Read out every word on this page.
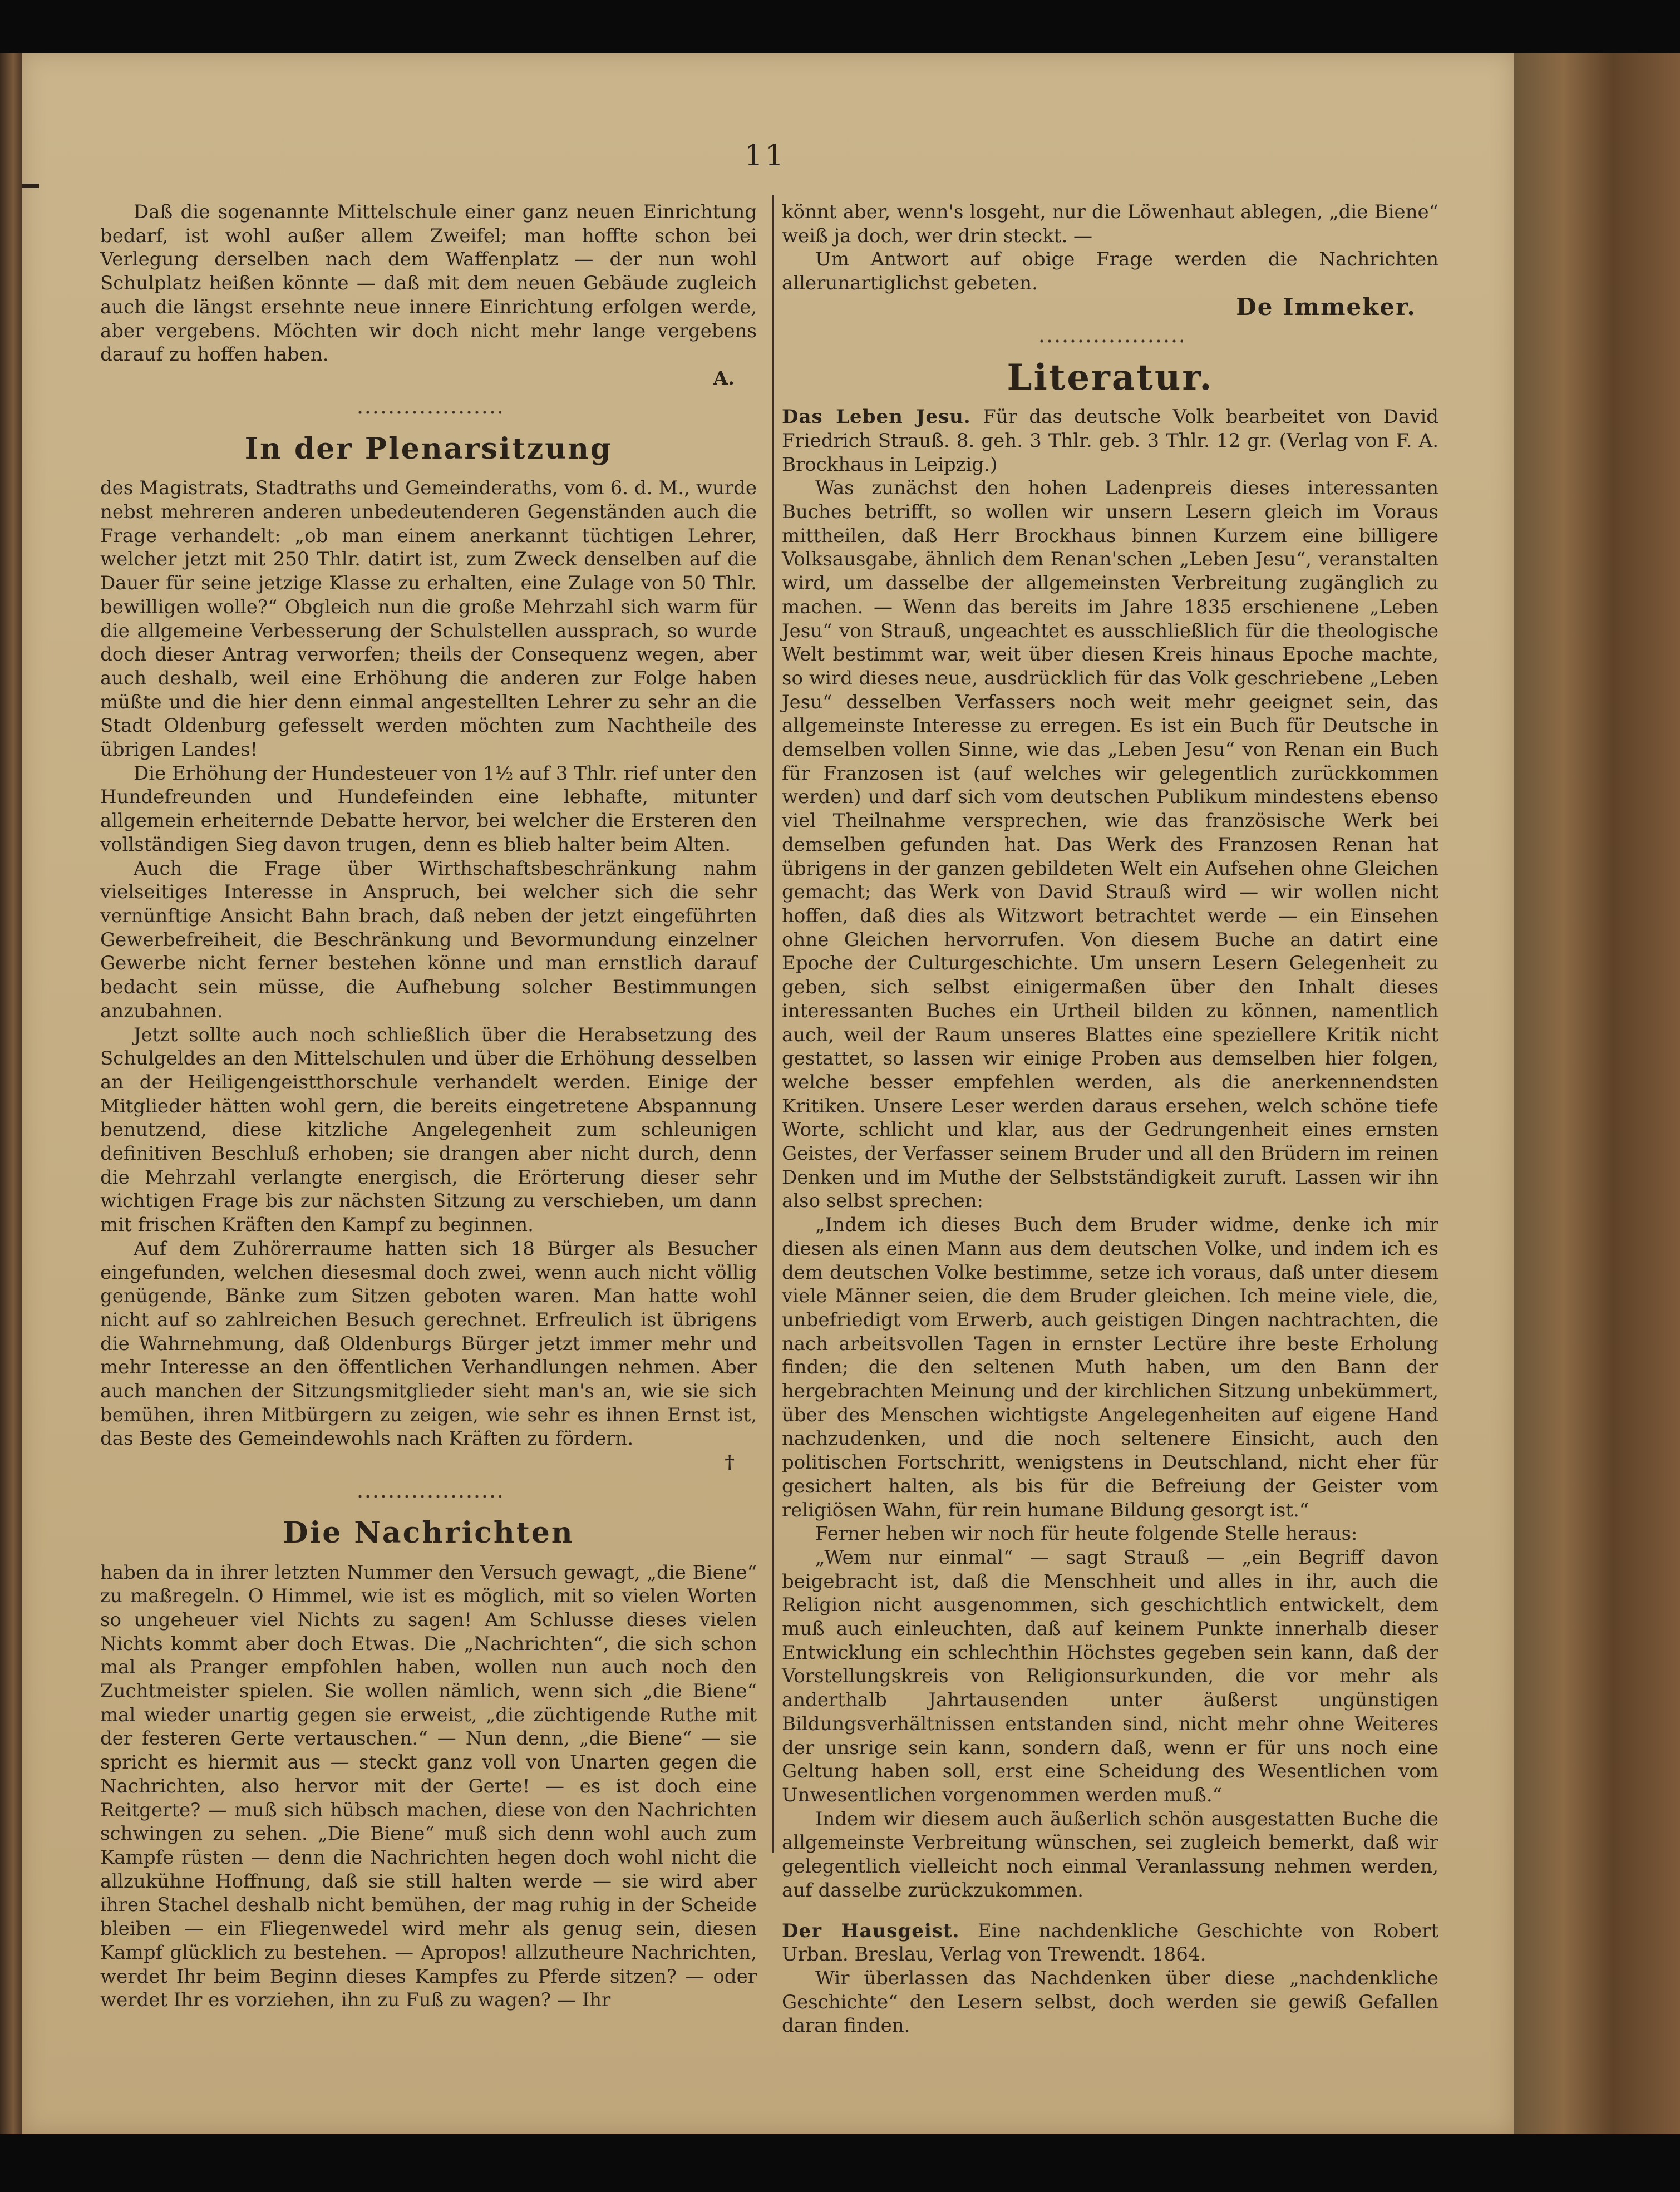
11

Daß die sogenannte Mittelschule einer ganz neuen Einrichtung bedarf, ist wohl außer allem Zweifel; man hoffte schon bei Verlegung derselben nach dem Waffenplatz — der nun wohl Schulplatz heißen könnte — daß mit dem neuen Gebäude zugleich auch die längst ersehnte neue innere Einrichtung erfolgen werde, aber vergebens. Möchten wir doch nicht mehr lange vergebens darauf zu hoffen haben.

A.
In der Plenarsitzung

des Magistrats, Stadtraths und Gemeinderaths, vom 6. d. M., wurde nebst mehreren anderen unbedeutenderen Gegenständen auch die Frage verhandelt: „ob man einem anerkannt tüchtigen Lehrer, welcher jetzt mit 250 Thlr. datirt ist, zum Zweck denselben auf die Dauer für seine jetzige Klasse zu erhalten, eine Zulage von 50 Thlr. bewilligen wolle?“ Obgleich nun die große Mehrzahl sich warm für die allgemeine Verbesserung der Schulstellen aussprach, so wurde doch dieser Antrag verworfen; theils der Consequenz wegen, aber auch deshalb, weil eine Erhöhung die anderen zur Folge haben müßte und die hier denn einmal angestellten Lehrer zu sehr an die Stadt Oldenburg gefesselt werden möchten zum Nachtheile des übrigen Landes!

Die Erhöhung der Hundesteuer von 1½ auf 3 Thlr. rief unter den Hundefreunden und Hundefeinden eine lebhafte, mitunter allgemein erheiternde Debatte hervor, bei welcher die Ersteren den vollständigen Sieg davon trugen, denn es blieb halter beim Alten.

Auch die Frage über Wirthschaftsbeschränkung nahm vielseitiges Interesse in Anspruch, bei welcher sich die sehr vernünftige Ansicht Bahn brach, daß neben der jetzt eingeführten Gewerbefreiheit, die Beschränkung und Bevormundung einzelner Gewerbe nicht ferner bestehen könne und man ernstlich darauf bedacht sein müsse, die Aufhebung solcher Bestimmungen anzubahnen.

Jetzt sollte auch noch schließlich über die Herabsetzung des Schulgeldes an den Mittelschulen und über die Erhöhung desselben an der Heiligengeistthorschule verhandelt werden. Einige der Mitglieder hätten wohl gern, die bereits eingetretene Abspannung benutzend, diese kitzliche Angelegenheit zum schleunigen definitiven Beschluß erhoben; sie drangen aber nicht durch, denn die Mehrzahl verlangte energisch, die Erörterung dieser sehr wichtigen Frage bis zur nächsten Sitzung zu verschieben, um dann mit frischen Kräften den Kampf zu beginnen.

Auf dem Zuhörerraume hatten sich 18 Bürger als Besucher eingefunden, welchen diesesmal doch zwei, wenn auch nicht völlig genügende, Bänke zum Sitzen geboten waren. Man hatte wohl nicht auf so zahlreichen Besuch gerechnet. Erfreulich ist übrigens die Wahrnehmung, daß Oldenburgs Bürger jetzt immer mehr und mehr Interesse an den öffentlichen Verhandlungen nehmen. Aber auch manchen der Sitzungsmitglieder sieht man's an, wie sie sich bemühen, ihren Mitbürgern zu zeigen, wie sehr es ihnen Ernst ist, das Beste des Gemeindewohls nach Kräften zu fördern.

†
Die Nachrichten

haben da in ihrer letzten Nummer den Versuch gewagt, „die Biene“ zu maßregeln. O Himmel, wie ist es möglich, mit so vielen Worten so ungeheuer viel Nichts zu sagen! Am Schlusse dieses vielen Nichts kommt aber doch Etwas. Die „Nachrichten“, die sich schon mal als Pranger empfohlen haben, wollen nun auch noch den Zuchtmeister spielen. Sie wollen nämlich, wenn sich „die Biene“ mal wieder unartig gegen sie erweist, „die züchtigende Ruthe mit der festeren Gerte vertauschen.“ — Nun denn, „die Biene“ — sie spricht es hiermit aus — steckt ganz voll von Unarten gegen die Nachrichten, also hervor mit der Gerte! — es ist doch eine Reitgerte? — muß sich hübsch machen, diese von den Nachrichten schwingen zu sehen. „Die Biene“ muß sich denn wohl auch zum Kampfe rüsten — denn die Nachrichten hegen doch wohl nicht die allzukühne Hoffnung, daß sie still halten werde — sie wird aber ihren Stachel deshalb nicht bemühen, der mag ruhig in der Scheide bleiben — ein Fliegenwedel wird mehr als genug sein, diesen Kampf glücklich zu bestehen. — Apropos! allzutheure Nachrichten, werdet Ihr beim Beginn dieses Kampfes zu Pferde sitzen? — oder werdet Ihr es vorziehen, ihn zu Fuß zu wagen? — Ihr

könnt aber, wenn's losgeht, nur die Löwenhaut ablegen, „die Biene“ weiß ja doch, wer drin steckt. —

Um Antwort auf obige Frage werden die Nachrichten allerunartiglichst gebeten.

De Immeker.
Literatur.

Das Leben Jesu. Für das deutsche Volk bearbeitet von David Friedrich Strauß. 8. geh. 3 Thlr. geb. 3 Thlr. 12 gr. (Verlag von F. A. Brockhaus in Leipzig.)

Was zunächst den hohen Ladenpreis dieses interessanten Buches betrifft, so wollen wir unsern Lesern gleich im Voraus mittheilen, daß Herr Brockhaus binnen Kurzem eine billigere Volksausgabe, ähnlich dem Renan'schen „Leben Jesu“, veranstalten wird, um dasselbe der allgemeinsten Verbreitung zugänglich zu machen. — Wenn das bereits im Jahre 1835 erschienene „Leben Jesu“ von Strauß, ungeachtet es ausschließlich für die theologische Welt bestimmt war, weit über diesen Kreis hinaus Epoche machte, so wird dieses neue, ausdrücklich für das Volk geschriebene „Leben Jesu“ desselben Verfassers noch weit mehr geeignet sein, das allgemeinste Interesse zu erregen. Es ist ein Buch für Deutsche in demselben vollen Sinne, wie das „Leben Jesu“ von Renan ein Buch für Franzosen ist (auf welches wir gelegentlich zurückkommen werden) und darf sich vom deutschen Publikum mindestens ebenso viel Theilnahme versprechen, wie das französische Werk bei demselben gefunden hat. Das Werk des Franzosen Renan hat übrigens in der ganzen gebildeten Welt ein Aufsehen ohne Gleichen gemacht; das Werk von David Strauß wird — wir wollen nicht hoffen, daß dies als Witzwort betrachtet werde — ein Einsehen ohne Gleichen hervorrufen. Von diesem Buche an datirt eine Epoche der Culturgeschichte. Um unsern Lesern Gelegenheit zu geben, sich selbst einigermaßen über den Inhalt dieses interessanten Buches ein Urtheil bilden zu können, namentlich auch, weil der Raum unseres Blattes eine speziellere Kritik nicht gestattet, so lassen wir einige Proben aus demselben hier folgen, welche besser empfehlen werden, als die anerkennendsten Kritiken. Unsere Leser werden daraus ersehen, welch schöne tiefe Worte, schlicht und klar, aus der Gedrungenheit eines ernsten Geistes, der Verfasser seinem Bruder und all den Brüdern im reinen Denken und im Muthe der Selbstständigkeit zuruft. Lassen wir ihn also selbst sprechen:

„Indem ich dieses Buch dem Bruder widme, denke ich mir diesen als einen Mann aus dem deutschen Volke, und indem ich es dem deutschen Volke bestimme, setze ich voraus, daß unter diesem viele Männer seien, die dem Bruder gleichen. Ich meine viele, die, unbefriedigt vom Erwerb, auch geistigen Dingen nachtrachten, die nach arbeitsvollen Tagen in ernster Lectüre ihre beste Erholung finden; die den seltenen Muth haben, um den Bann der hergebrachten Meinung und der kirchlichen Sitzung unbekümmert, über des Menschen wichtigste Angelegenheiten auf eigene Hand nachzudenken, und die noch seltenere Einsicht, auch den politischen Fortschritt, wenigstens in Deutschland, nicht eher für gesichert halten, als bis für die Befreiung der Geister vom religiösen Wahn, für rein humane Bildung gesorgt ist.“

Ferner heben wir noch für heute folgende Stelle heraus:

„Wem nur einmal“ — sagt Strauß — „ein Begriff davon beigebracht ist, daß die Menschheit und alles in ihr, auch die Religion nicht ausgenommen, sich geschichtlich entwickelt, dem muß auch einleuchten, daß auf keinem Punkte innerhalb dieser Entwicklung ein schlechthin Höchstes gegeben sein kann, daß der Vorstellungskreis von Religionsurkunden, die vor mehr als anderthalb Jahrtausenden unter äußerst ungünstigen Bildungsverhältnissen entstanden sind, nicht mehr ohne Weiteres der unsrige sein kann, sondern daß, wenn er für uns noch eine Geltung haben soll, erst eine Scheidung des Wesentlichen vom Unwesentlichen vorgenommen werden muß.“

Indem wir diesem auch äußerlich schön ausgestatten Buche die allgemeinste Verbreitung wünschen, sei zugleich bemerkt, daß wir gelegentlich vielleicht noch einmal Veranlassung nehmen werden, auf dasselbe zurückzukommen.

Der Hausgeist. Eine nachdenkliche Geschichte von Robert Urban. Breslau, Verlag von Trewendt. 1864.

Wir überlassen das Nachdenken über diese „nachdenkliche Geschichte“ den Lesern selbst, doch werden sie gewiß Gefallen daran finden.
